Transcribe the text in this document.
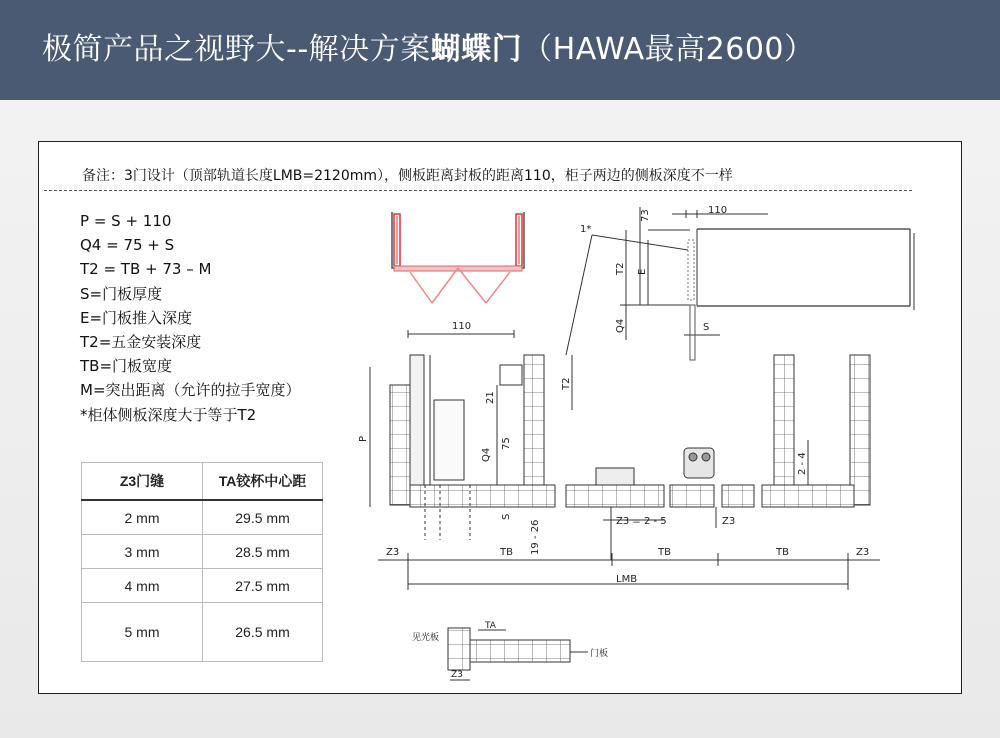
极简产品之视野大--解决方案蝴蝶门（HAWA最高2600）
备注：3门设计（顶部轨道长度LMB=2120mm），侧板距离封板的距离110，柜子两边的侧板深度不一样
P = S + 110
Q4 = 75 + S
T2 = TB + 73 – M
S=门板厚度
E=门板推入深度
T2=五金安装深度
TB=门板宽度
M=突出距离（允许的拉手宽度）
*柜体侧板深度大于等于T2
Z3门缝	TA铰杯中心距
2 mm	29.5 mm
3 mm	28.5 mm
4 mm	27.5 mm
5 mm	26.5 mm
110
73
T2 E
Q4	S
1*
110
P
21
Q4
75
S
19 - 26
T2
Z3 = 2 - 5	Z3
2 - 4
Z3	TB	TB	TB	Z3
LMB
见光板
TA
门板
Z3
